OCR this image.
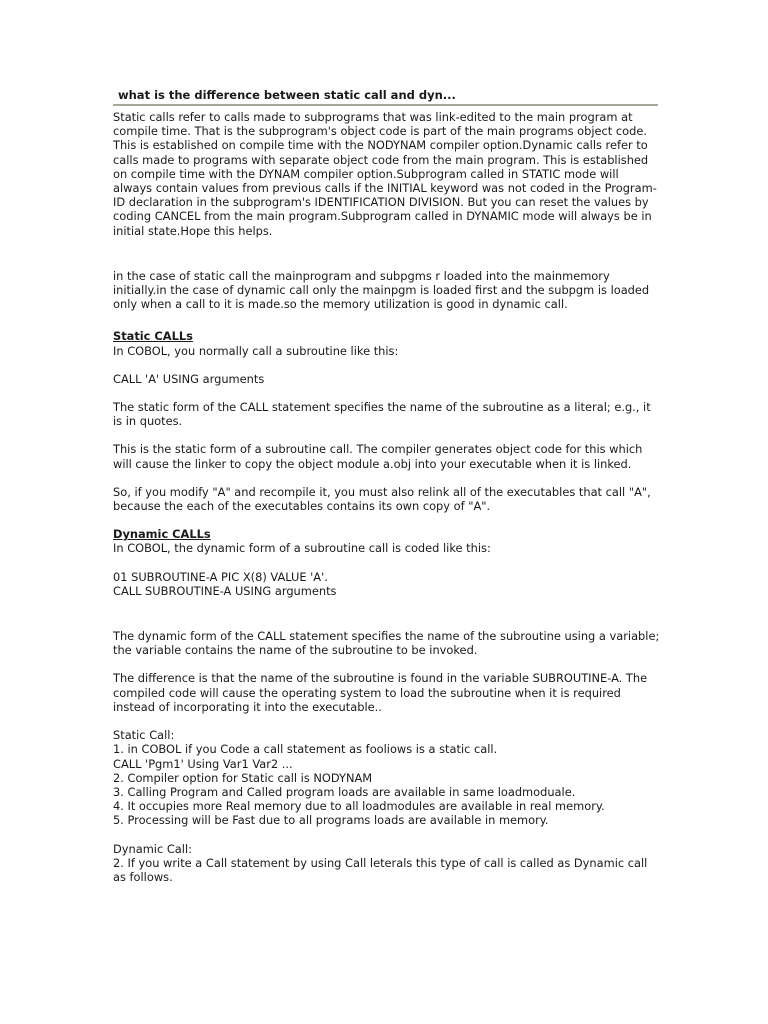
what is the difference between static call and dyn...

Static calls refer to calls made to subprograms that was link-edited to the main program at
compile time. That is the subprogram's object code is part of the main programs object code.
This is established on compile time with the NODYNAM compiler option.Dynamic calls refer to
calls made to programs with separate object code from the main program. This is established
on compile time with the DYNAM compiler option.Subprogram called in STATIC mode will
always contain values from previous calls if the INITIAL keyword was not coded in the Program-
ID declaration in the subprogram's IDENTIFICATION DIVISION. But you can reset the values by
coding CANCEL from the main program.Subprogram called in DYNAMIC mode will always be in
initial state.Hope this helps.

in the case of static call the mainprogram and subpgms r loaded into the mainmemory
initially.in the case of dynamic call only the mainpgm is loaded first and the subpgm is loaded
only when a call to it is made.so the memory utilization is good in dynamic call.

Static CALLs

In COBOL, you normally call a subroutine like this:

CALL 'A' USING arguments

The static form of the CALL statement specifies the name of the subroutine as a literal; e.g., it
is in quotes.

This is the static form of a subroutine call. The compiler generates object code for this which
will cause the linker to copy the object module a.obj into your executable when it is linked.

So, if you modify "A" and recompile it, you must also relink all of the executables that call "A",
because the each of the executables contains its own copy of "A".

Dynamic CALLs

In COBOL, the dynamic form of a subroutine call is coded like this:

01 SUBROUTINE-A PIC X(8) VALUE 'A'.
CALL SUBROUTINE-A USING arguments

The dynamic form of the CALL statement specifies the name of the subroutine using a variable;
the variable contains the name of the subroutine to be invoked.

The difference is that the name of the subroutine is found in the variable SUBROUTINE-A. The
compiled code will cause the operating system to load the subroutine when it is required
instead of incorporating it into the executable..

Static Call:
1. in COBOL if you Code a call statement as fooliows is a static call.
CALL 'Pgm1' Using Var1 Var2 ...
2. Compiler option for Static call is NODYNAM
3. Calling Program and Called program loads are available in same loadmoduale.
4. It occupies more Real memory due to all loadmodules are available in real memory.
5. Processing will be Fast due to all programs loads are available in memory.

Dynamic Call:
2. If you write a Call statement by using Call leterals this type of call is called as Dynamic call
as follows.
